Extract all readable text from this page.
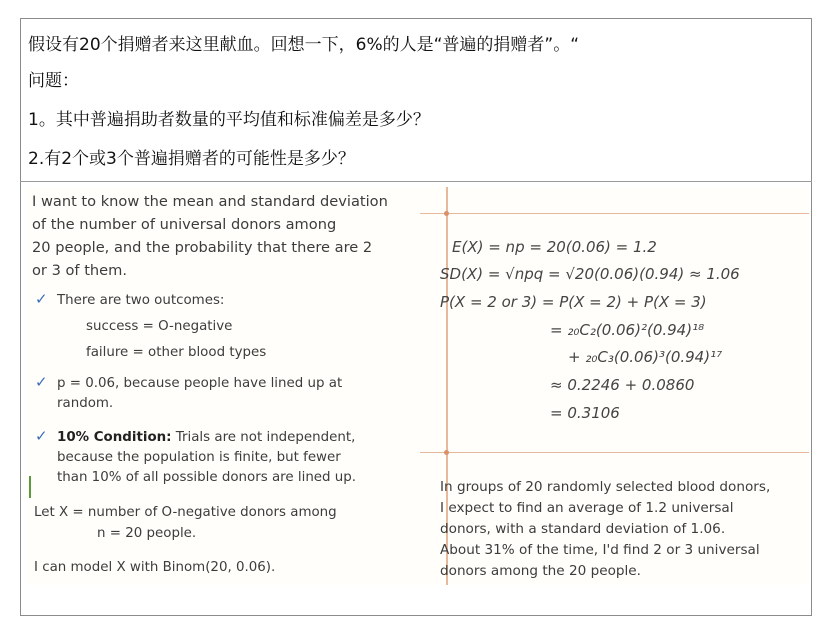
假设有20个捐赠者来这里献血。回想一下，6%的人是“普遍的捐赠者”。“
问题：
1。其中普遍捐助者数量的平均值和标准偏差是多少？
2.有2个或3个普遍捐赠者的可能性是多少？
I want to know the mean and standard deviation
of the number of universal donors among
20 people, and the probability that there are 2
or 3 of them.
✓ There are two outcomes:
success = O-negative
failure = other blood types
✓ p = 0.06, because people have lined up at
random.
✓ 10% Condition: Trials are not independent,
because the population is finite, but fewer
than 10% of all possible donors are lined up.
Let X = number of O-negative donors among
n = 20 people.
I can model X with Binom(20, 0.06).
E(X) = np = 20(0.06) = 1.2
SD(X) = √npq = √20(0.06)(0.94) ≈ 1.06
P(X = 2 or 3) = P(X = 2) + P(X = 3)
= ₂₀C₂(0.06)²(0.94)¹⁸
+ ₂₀C₃(0.06)³(0.94)¹⁷
≈ 0.2246 + 0.0860
= 0.3106
In groups of 20 randomly selected blood donors,
I expect to find an average of 1.2 universal
donors, with a standard deviation of 1.06.
About 31% of the time, I'd find 2 or 3 universal
donors among the 20 people.
